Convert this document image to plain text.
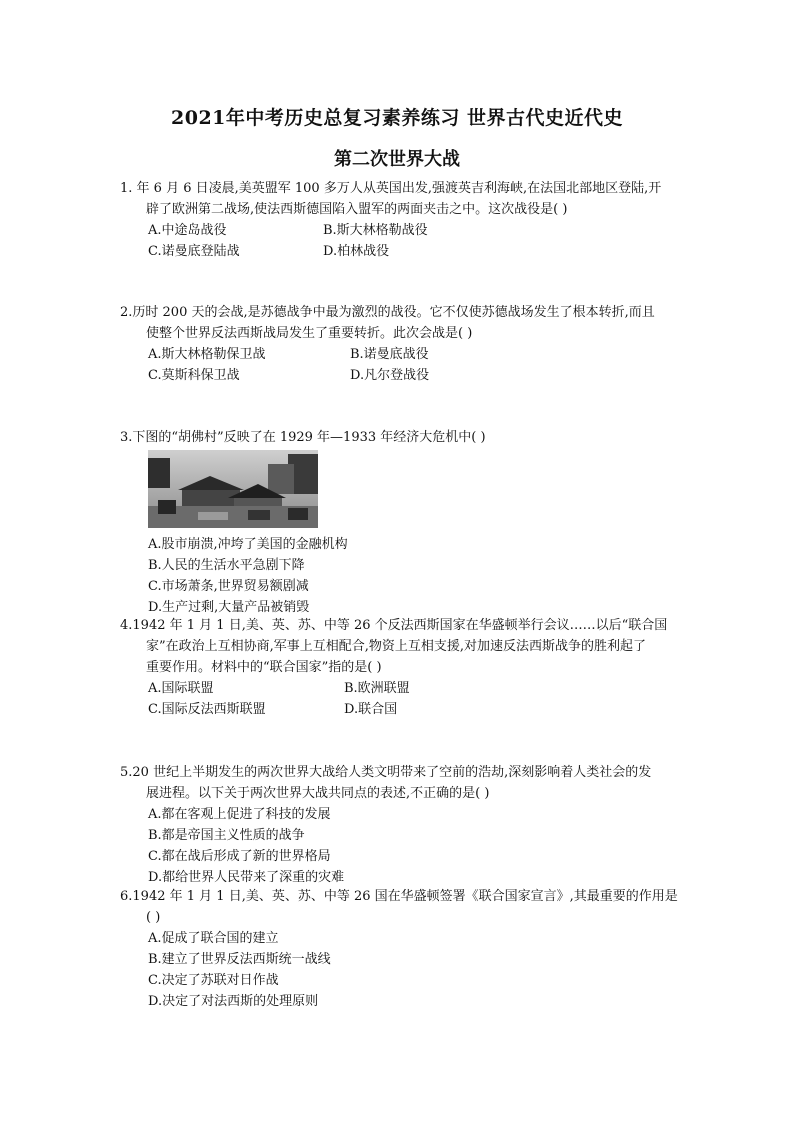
2021年中考历史总复习素养练习 世界古代史近代史
第二次世界大战
1. 年 6 月 6 日凌晨,美英盟军 100 多万人从英国出发,强渡英吉利海峡,在法国北部地区登陆,开
辟了欧洲第二战场,使法西斯德国陷入盟军的两面夹击之中。这次战役是( )
A.中途岛战役	B.斯大林格勒战役
C.诺曼底登陆战	D.柏林战役
2.历时 200 天的会战,是苏德战争中最为激烈的战役。它不仅使苏德战场发生了根本转折,而且
使整个世界反法西斯战局发生了重要转折。此次会战是( )
A.斯大林格勒保卫战	B.诺曼底战役
C.莫斯科保卫战	D.凡尔登战役
3.下图的“胡佛村”反映了在 1929 年—1933 年经济大危机中( )
A.股市崩溃,冲垮了美国的金融机构
B.人民的生活水平急剧下降
C.市场萧条,世界贸易额剧减
D.生产过剩,大量产品被销毁
4.1942 年 1 月 1 日,美、英、苏、中等 26 个反法西斯国家在华盛顿举行会议……以后“联合国
家”在政治上互相协商,军事上互相配合,物资上互相支援,对加速反法西斯战争的胜利起了
重要作用。材料中的“联合国家”指的是( )
A.国际联盟	B.欧洲联盟
C.国际反法西斯联盟	D.联合国
5.20 世纪上半期发生的两次世界大战给人类文明带来了空前的浩劫,深刻影响着人类社会的发
展进程。以下关于两次世界大战共同点的表述,不正确的是( )
A.都在客观上促进了科技的发展
B.都是帝国主义性质的战争
C.都在战后形成了新的世界格局
D.都给世界人民带来了深重的灾难
6.1942 年 1 月 1 日,美、英、苏、中等 26 国在华盛顿签署《联合国家宣言》,其最重要的作用是
( )
A.促成了联合国的建立
B.建立了世界反法西斯统一战线
C.决定了苏联对日作战
D.决定了对法西斯的处理原则
